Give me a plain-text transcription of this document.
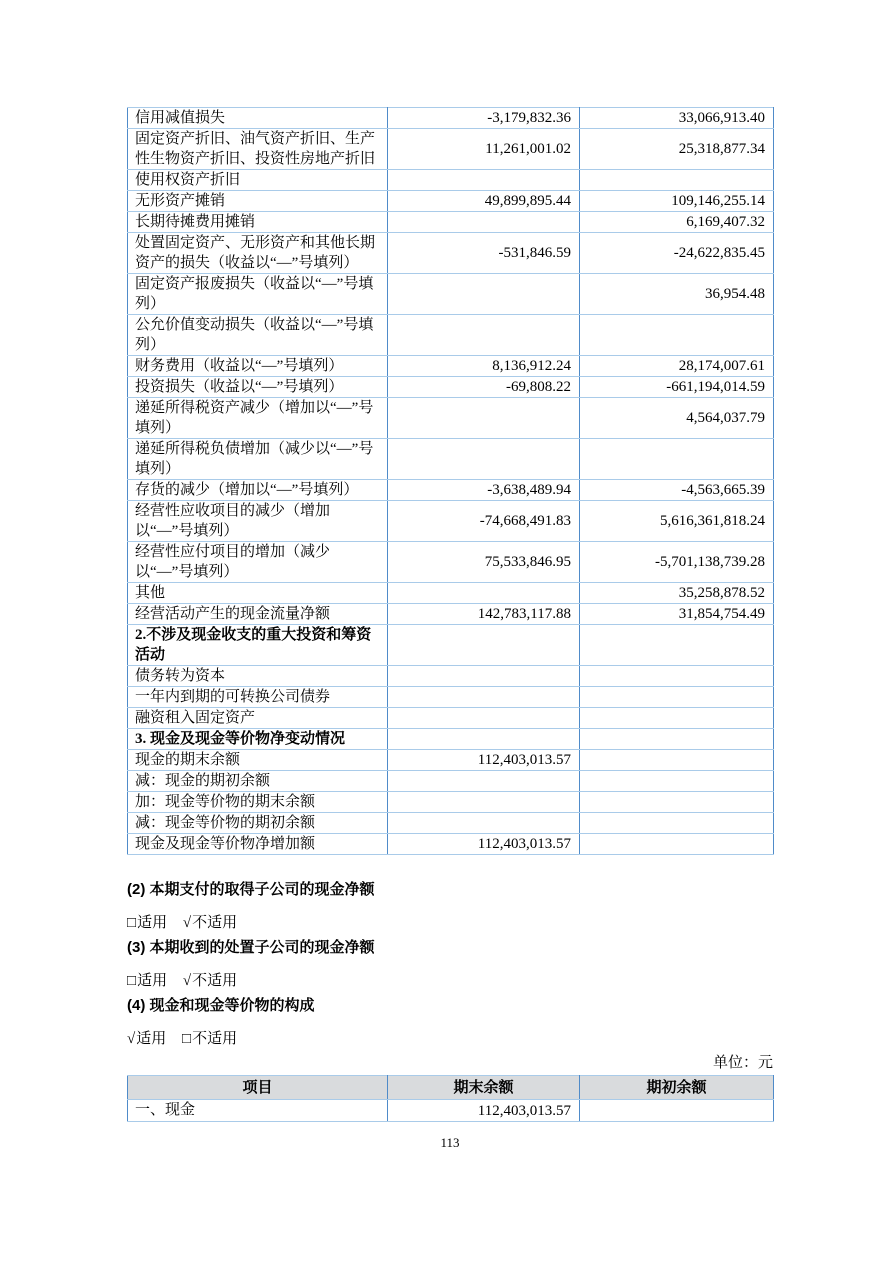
信用减值损失	-3,179,832.36	33,066,913.40
固定资产折旧、油气资产折旧、生产性生物资产折旧、投资性房地产折旧	11,261,001.02	25,318,877.34
使用权资产折旧		
无形资产摊销	49,899,895.44	109,146,255.14
长期待摊费用摊销		6,169,407.32
处置固定资产、无形资产和其他长期资产的损失（收益以“—”号填列）	-531,846.59	-24,622,835.45
固定资产报废损失（收益以“—”号填列）		36,954.48
公允价值变动损失（收益以“—”号填列）		
财务费用（收益以“—”号填列）	8,136,912.24	28,174,007.61
投资损失（收益以“—”号填列）	-69,808.22	-661,194,014.59
递延所得税资产减少（增加以“—”号填列）		4,564,037.79
递延所得税负债增加（减少以“—”号填列）		
存货的减少（增加以“—”号填列）	-3,638,489.94	-4,563,665.39
经营性应收项目的减少（增加以“—”号填列）	-74,668,491.83	5,616,361,818.24
经营性应付项目的增加（减少以“—”号填列）	75,533,846.95	-5,701,138,739.28
其他		35,258,878.52
经营活动产生的现金流量净额	142,783,117.88	31,854,754.49
2.不涉及现金收支的重大投资和筹资活动		
债务转为资本		
一年内到期的可转换公司债券		
融资租入固定资产		
3. 现金及现金等价物净变动情况		
现金的期末余额	112,403,013.57	
减：现金的期初余额		
加：现金等价物的期末余额		
减：现金等价物的期初余额		
现金及现金等价物净增加额	112,403,013.57	
(2) 本期支付的取得子公司的现金净额
□适用 √不适用
(3) 本期收到的处置子公司的现金净额
□适用 √不适用
(4) 现金和现金等价物的构成
√适用 □不适用
单位：元
项目	期末余额	期初余额
一、现金	112,403,013.57	
113
